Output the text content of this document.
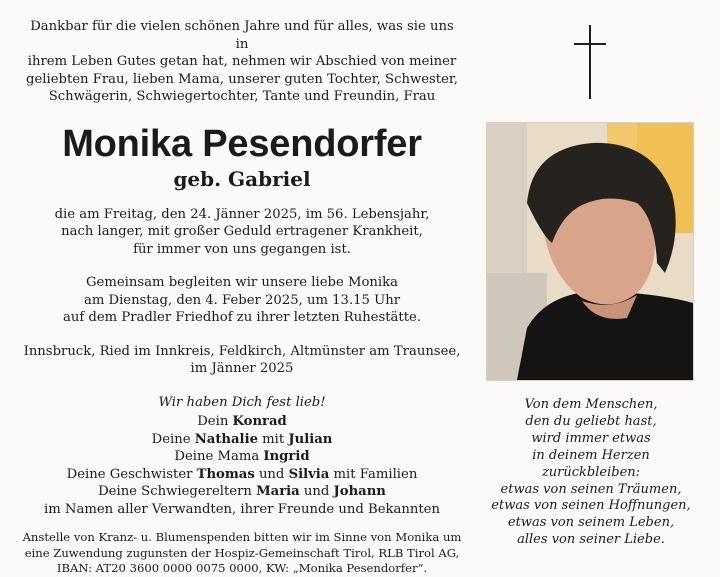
Dankbar für die vielen schönen Jahre und für alles, was sie uns in
ihrem Leben Gutes getan hat, nehmen wir Abschied von meiner
geliebten Frau, lieben Mama, unserer guten Tochter, Schwester,
Schwägerin, Schwiegertochter, Tante und Freundin, Frau
Monika Pesendorfer
geb. Gabriel
die am Freitag, den 24. Jänner 2025, im 56. Lebensjahr,
nach langer, mit großer Geduld ertragener Krankheit,
für immer von uns gegangen ist.
Gemeinsam begleiten wir unsere liebe Monika
am Dienstag, den 4. Feber 2025, um 13.15 Uhr
auf dem Pradler Friedhof zu ihrer letzten Ruhestätte.
Innsbruck, Ried im Innkreis, Feldkirch, Altmünster am Traunsee,
im Jänner 2025
Wir haben Dich fest lieb!
Dein Konrad
Deine Nathalie mit Julian
Deine Mama Ingrid
Deine Geschwister Thomas und Silvia mit Familien
Deine Schwiegereltern Maria und Johann
im Namen aller Verwandten, ihrer Freunde und Bekannten
Anstelle von Kranz- u. Blumenspenden bitten wir im Sinne von Monika um
eine Zuwendung zugunsten der Hospiz-Gemeinschaft Tirol, RLB Tirol AG,
IBAN: AT20 3600 0000 0075 0000, KW: „Monika Pesendorfer“.
Von dem Menschen,
den du geliebt hast,
wird immer etwas
in deinem Herzen
zurückbleiben:
etwas von seinen Träumen,
etwas von seinen Hoffnungen,
etwas von seinem Leben,
alles von seiner Liebe.
